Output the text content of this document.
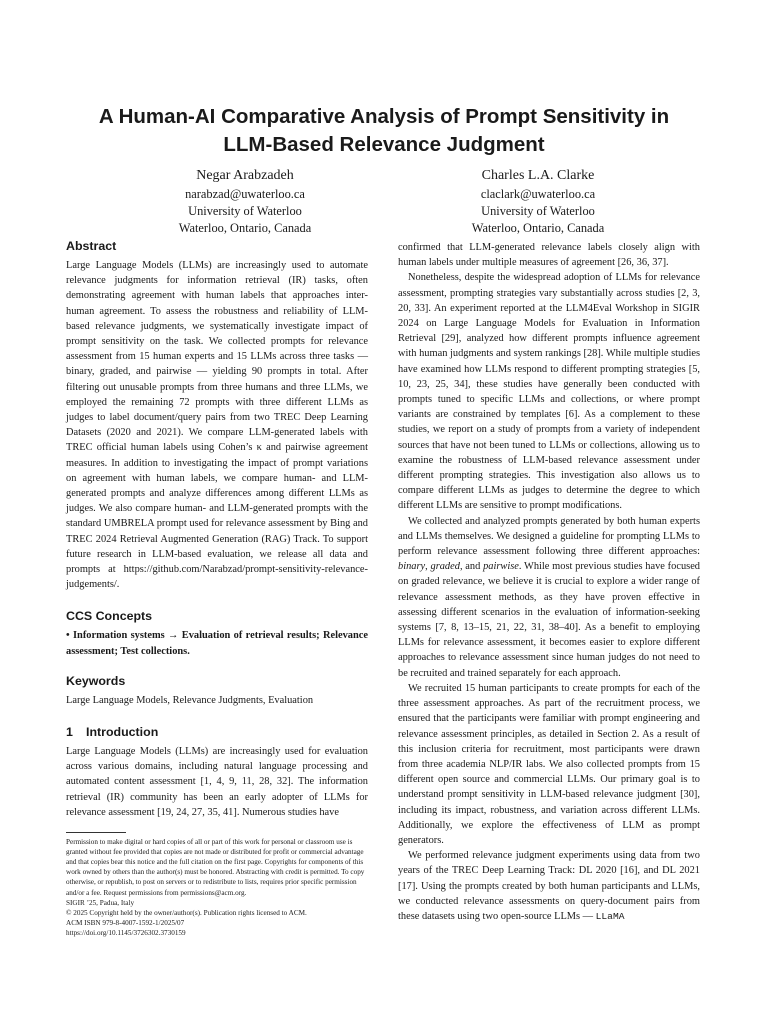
A Human-AI Comparative Analysis of Prompt Sensitivity in
LLM-Based Relevance Judgment
Negar Arabzadeh
narabzad@uwaterloo.ca
University of Waterloo
Waterloo, Ontario, Canada
Charles L.A. Clarke
claclark@uwaterloo.ca
University of Waterloo
Waterloo, Ontario, Canada
Abstract

Large Language Models (LLMs) are increasingly used to automate relevance judgments for information retrieval (IR) tasks, often demonstrating agreement with human labels that approaches inter-human agreement. To assess the robustness and reliability of LLM-based relevance judgments, we systematically investigate impact of prompt sensitivity on the task. We collected prompts for relevance assessment from 15 human experts and 15 LLMs across three tasks — binary, graded, and pairwise — yielding 90 prompts in total. After filtering out unusable prompts from three humans and three LLMs, we employed the remaining 72 prompts with three different LLMs as judges to label document/query pairs from two TREC Deep Learning Datasets (2020 and 2021). We compare LLM-generated labels with TREC official human labels using Cohen’s κ and pairwise agreement measures. In addition to investigating the impact of prompt variations on agreement with human labels, we compare human- and LLM-generated prompts and analyze differences among different LLMs as judges. We also compare human- and LLM-generated prompts with the standard UMBRELA prompt used for relevance assessment by Bing and TREC 2024 Retrieval Augmented Generation (RAG) Track. To support future research in LLM-based evaluation, we release all data and prompts at https://github.com/Narabzad/prompt-sensitivity-relevance-judgements/.

CCS Concepts

• Information systems → Evaluation of retrieval results; Relevance assessment; Test collections.

Keywords

Large Language Models, Relevance Judgments, Evaluation

1 Introduction

Large Language Models (LLMs) are increasingly used for evaluation across various domains, including natural language processing and automated content assessment [1, 4, 9, 11, 28, 32]. The information retrieval (IR) community has been an early adopter of LLMs for relevance assessment [19, 24, 27, 35, 41]. Numerous studies have

Permission to make digital or hard copies of all or part of this work for personal or classroom use is granted without fee provided that copies are not made or distributed for profit or commercial advantage and that copies bear this notice and the full citation on the first page. Copyrights for components of this work owned by others than the author(s) must be honored. Abstracting with credit is permitted. To copy otherwise, or republish, to post on servers or to redistribute to lists, requires prior specific permission and/or a fee. Request permissions from permissions@acm.org.
SIGIR ’25, Padua, Italy
© 2025 Copyright held by the owner/author(s). Publication rights licensed to ACM.
ACM ISBN 979-8-4007-1592-1/2025/07
https://doi.org/10.1145/3726302.3730159

confirmed that LLM-generated relevance labels closely align with human labels under multiple measures of agreement [26, 36, 37].

Nonetheless, despite the widespread adoption of LLMs for relevance assessment, prompting strategies vary substantially across studies [2, 3, 20, 33]. An experiment reported at the LLM4Eval Workshop in SIGIR 2024 on Large Language Models for Evaluation in Information Retrieval [29], analyzed how different prompts influence agreement with human judgments and system rankings [28]. While multiple studies have examined how LLMs respond to different prompting strategies [5, 10, 23, 25, 34], these studies have generally been conducted with prompts tuned to specific LLMs and collections, or where prompt variants are constrained by templates [6]. As a complement to these studies, we report on a study of prompts from a variety of independent sources that have not been tuned to LLMs or collections, allowing us to examine the robustness of LLM-based relevance assessment under different prompting strategies. This investigation also allows us to compare different LLMs as judges to determine the degree to which different LLMs are sensitive to prompt modifications.

We collected and analyzed prompts generated by both human experts and LLMs themselves. We designed a guideline for prompting LLMs to perform relevance assessment following three different approaches: binary, graded, and pairwise. While most previous studies have focused on graded relevance, we believe it is crucial to explore a wider range of relevance assessment methods, as they have proven effective in assessing different scenarios in the evaluation of information-seeking systems [7, 8, 13–15, 21, 22, 31, 38–40]. As a benefit to employing LLMs for relevance assessment, it becomes easier to explore different approaches to relevance assessment since human judges do not need to be recruited and trained separately for each approach.

We recruited 15 human participants to create prompts for each of the three assessment approaches. As part of the recruitment process, we ensured that the participants were familiar with prompt engineering and relevance assessment principles, as detailed in Section 2. As a result of this inclusion criteria for recruitment, most participants were drawn from three academia NLP/IR labs. We also collected prompts from 15 different open source and commercial LLMs. Our primary goal is to understand prompt sensitivity in LLM-based relevance judgment [30], including its impact, robustness, and variation across different LLMs. Additionally, we explore the effectiveness of LLM as prompt generators.

We performed relevance judgment experiments using data from two years of the TREC Deep Learning Track: DL 2020 [16], and DL 2021 [17]. Using the prompts created by both human participants and LLMs, we conducted relevance assessments on query-document pairs from these datasets using two open-source LLMs — LLaMA
